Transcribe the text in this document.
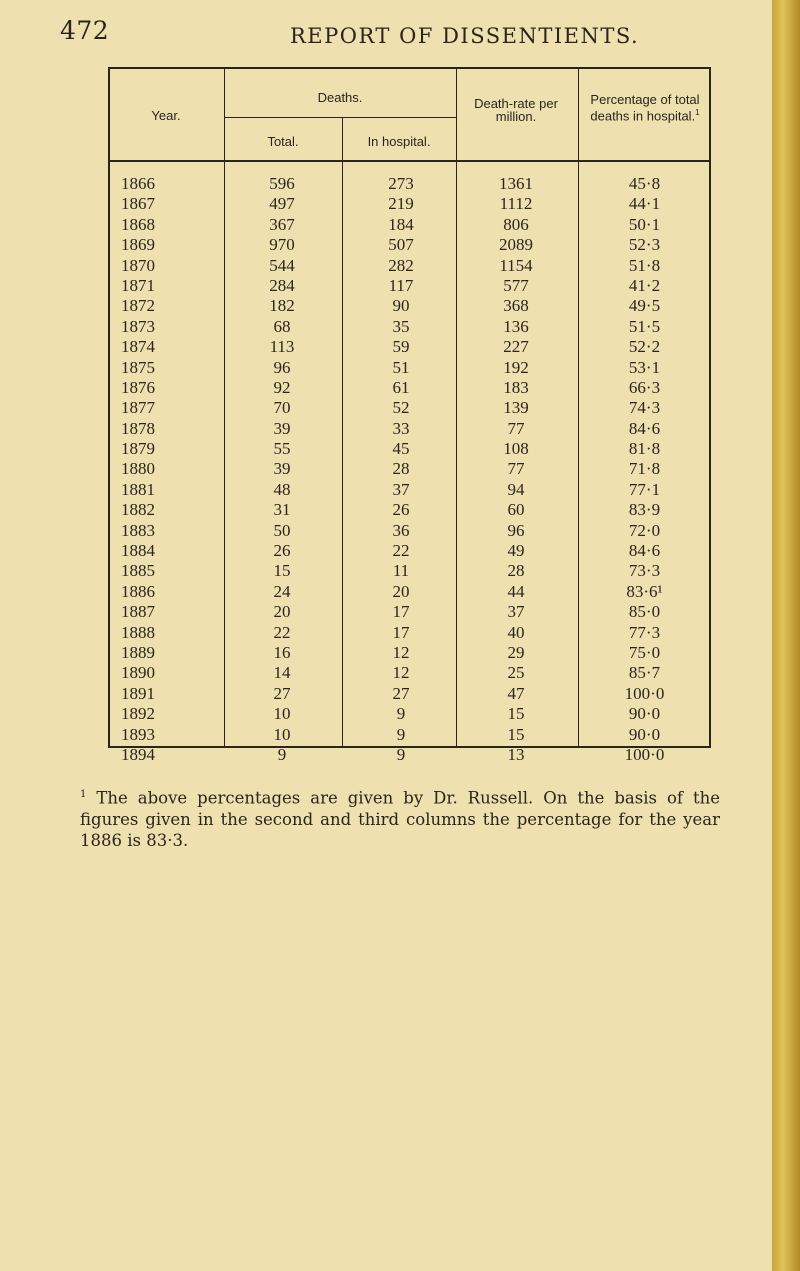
472	REPORT OF DISSENTIENTS.
Year.
Deaths.
Total.	In hospital.
Death-rate per million.
Percentage of total deaths in hospital.$^1$
1866
1867
1868
1869
1870
1871
1872
1873
1874
1875
1876
1877
1878
1879
1880
1881
1882
1883
1884
1885
1886
1887
1888
1889
1890
1891
1892
1893
1894
596
497
367
970
544
284
182
68
113
96
92
70
39
55
39
48
31
50
26
15
24
20
22
16
14
27
10
10
9
273
219
184
507
282
117
90
35
59
51
61
52
33
45
28
37
26
36
22
11
20
17
17
12
12
27
9
9
9
1361
1112
806
2089
1154
577
368
136
227
192
183
139
77
108
77
94
60
96
49
28
44
37
40
29
25
47
15
15
13
45·8
44·1
50·1
52·3
51·8
41·2
49·5
51·5
52·2
53·1
66·3
74·3
84·6
81·8
71·8
77·1
83·9
72·0
84·6
73·3
83·6¹
85·0
77·3
75·0
85·7
100·0
90·0
90·0
100·0
$^1$ The above percentages are given by Dr. Russell. On the basis of the figures given in the second and third columns the percentage for the year 1886 is 83·3.
